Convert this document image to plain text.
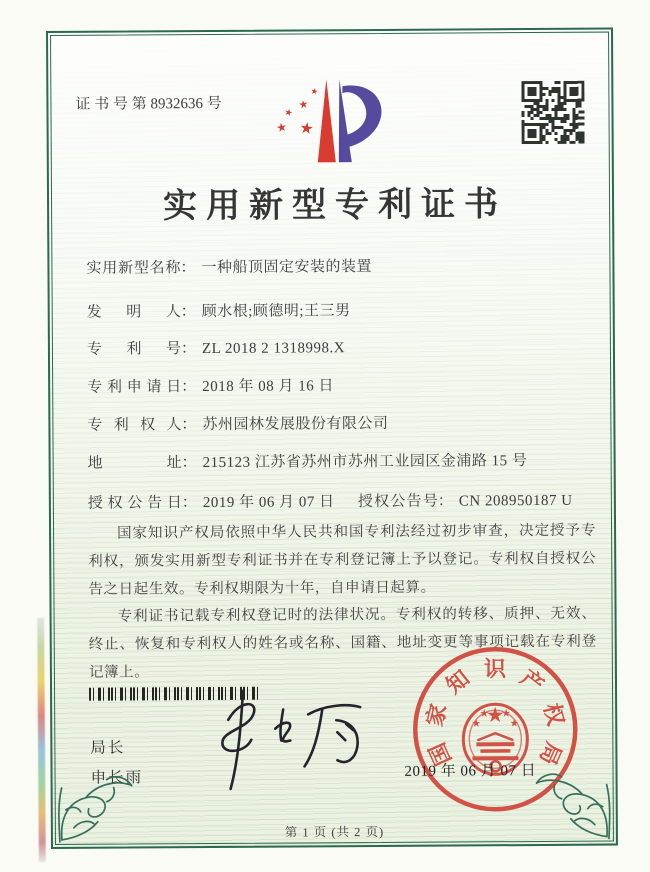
证 书 号 第 8932636 号
实用新型专利证书
实用新型名称： 一种船顶固定安装的装置
发明人： 顾水根;顾德明;王三男
专利号： ZL 2018 2 1318998.X
专利申请日： 2018 年 08 月 16 日
专利权人： 苏州园林发展股份有限公司
地址： 215123 江苏省苏州市苏州工业园区金浦路 15 号
授权公告日： 2019 年 06 月 07 日 授权公告号： CN 208950187 U

国家知识产权局依照中华人民共和国专利法经过初步审查，决定授予专利权，颁发实用新型专利证书并在专利登记簿上予以登记。专利权自授权公告之日起生效。专利权期限为十年，自申请日起算。

专利证书记载专利权登记时的法律状况。专利权的转移、质押、无效、终止、恢复和专利权人的姓名或名称、国籍、地址变更等事项记载在专利登记簿上。

局长
申长雨
国
家
知 识 产
权
局
2019 年 06 月 07 日
第 1 页 (共 2 页)
